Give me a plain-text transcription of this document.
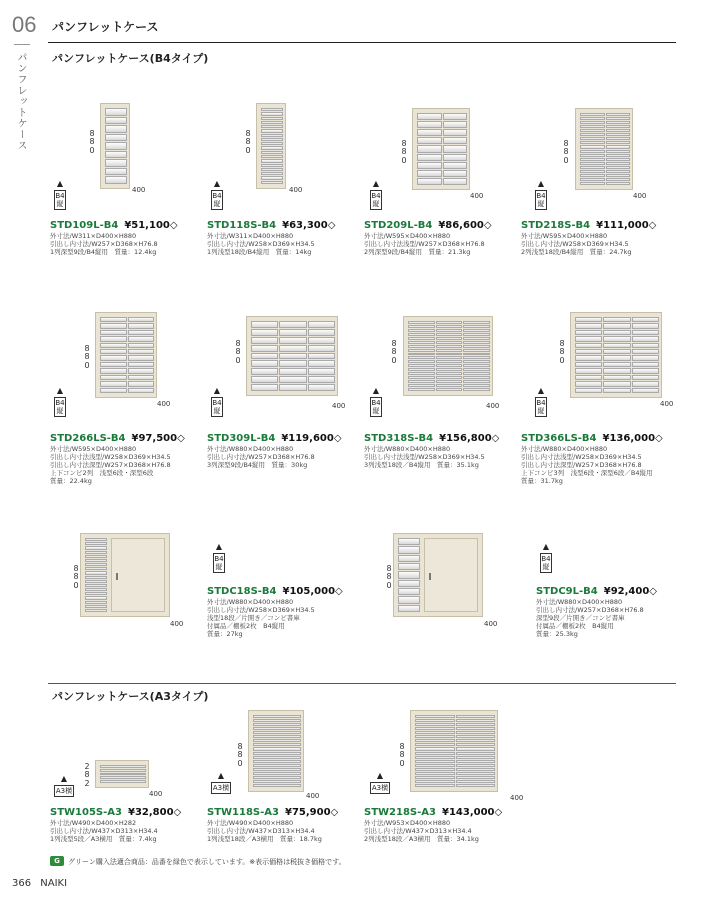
06 パンフレットケース
パンフレットケース パンフレットケース(B4タイプ)
パンフレットケース(A3タイプ)
8
8
0
400
▲
B4
縦
STD109L-B4 ¥51,100◇
外寸法/W311×D400×H880
引出し内寸法/W257×D368×H76.8
1列深型9段/B4縦用　質量：12.4kg
8
8
0
400
▲
B4
縦
STD118S-B4 ¥63,300◇
外寸法/W311×D400×H880
引出し内寸法/W258×D369×H34.5
1列浅型18段/B4縦用　質量：14kg
8
8
0
400
▲
B4
縦
STD209L-B4 ¥86,600◇
外寸法/W595×D400×H880
引出し内寸法浅型/W257×D368×H76.8
2列深型9段/B4縦用　質量：21.3kg
8
8
0
400
▲
B4
縦
STD218S-B4 ¥111,000◇
外寸法/W595×D400×H880
引出し内寸法/W258×D369×H34.5
2列浅型18段/B4縦用　質量：24.7kg
8
8
0
400
▲
B4
縦
STD266LS-B4 ¥97,500◇
外寸法/W595×D400×H880
引出し内寸法浅型/W258×D369×H34.5
引出し内寸法深型/W257×D368×H76.8
上下コンビ2列　浅型6段・深型6段
質量：22.4kg
8
8
0
400
▲
B4
縦
STD309L-B4 ¥119,600◇
外寸法/W880×D400×H880
引出し内寸法/W257×D368×H76.8
3列深型9段/B4縦用　質量：30kg
8
8
0
400
▲
B4
縦
STD318S-B4 ¥156,800◇
外寸法/W880×D400×H880
引出し内寸法浅型/W258×D369×H34.5
3列浅型18段／B4縦用　質量：35.1kg
8
8
0
400
▲
B4
縦
STD366LS-B4 ¥136,000◇
外寸法/W880×D400×H880
引出し内寸法浅型/W258×D369×H34.5
引出し内寸法深型/W257×D368×H76.8
上下コンビ3列　浅型6段・深型6段／B4縦用
質量：31.7kg
8
8
0
400
▲
B4
縦
STDC18S-B4 ¥105,000◇
外寸法/W880×D400×H880
引出し内寸法/W258×D369×H34.5
浅型18段／片開き／コンビ書庫
付属品／棚板2枚　B4縦用
質量：27kg
8
8
0
400
▲
B4
縦
STDC9L-B4 ¥92,400◇
外寸法/W880×D400×H880
引出し内寸法/W257×D368×H76.8
深型9段／片開き／コンビ書庫
付属品／棚板2枚　B4縦用
質量：25.3kg
2
8
2
400
▲
A3横
STW105S-A3 ¥32,800◇
外寸法/W490×D400×H282
引出し内寸法/W437×D313×H34.4
1列浅型5段／A3横用　質量：7.4kg
8
8
0
400
▲
A3横
STW118S-A3 ¥75,900◇
外寸法/W490×D400×H880
引出し内寸法/W437×D313×H34.4
1列浅型18段／A3横用　質量：18.7kg
8
8
0
400
▲
A3横
STW218S-A3 ¥143,000◇
外寸法/W953×D400×H880
引出し内寸法/W437×D313×H34.4
2列浅型18段／A3横用　質量：34.1kg
G	グリーン購入法適合商品：品番を緑色で表示しています。※表示価格は税抜き価格です。
366 NAIKI
